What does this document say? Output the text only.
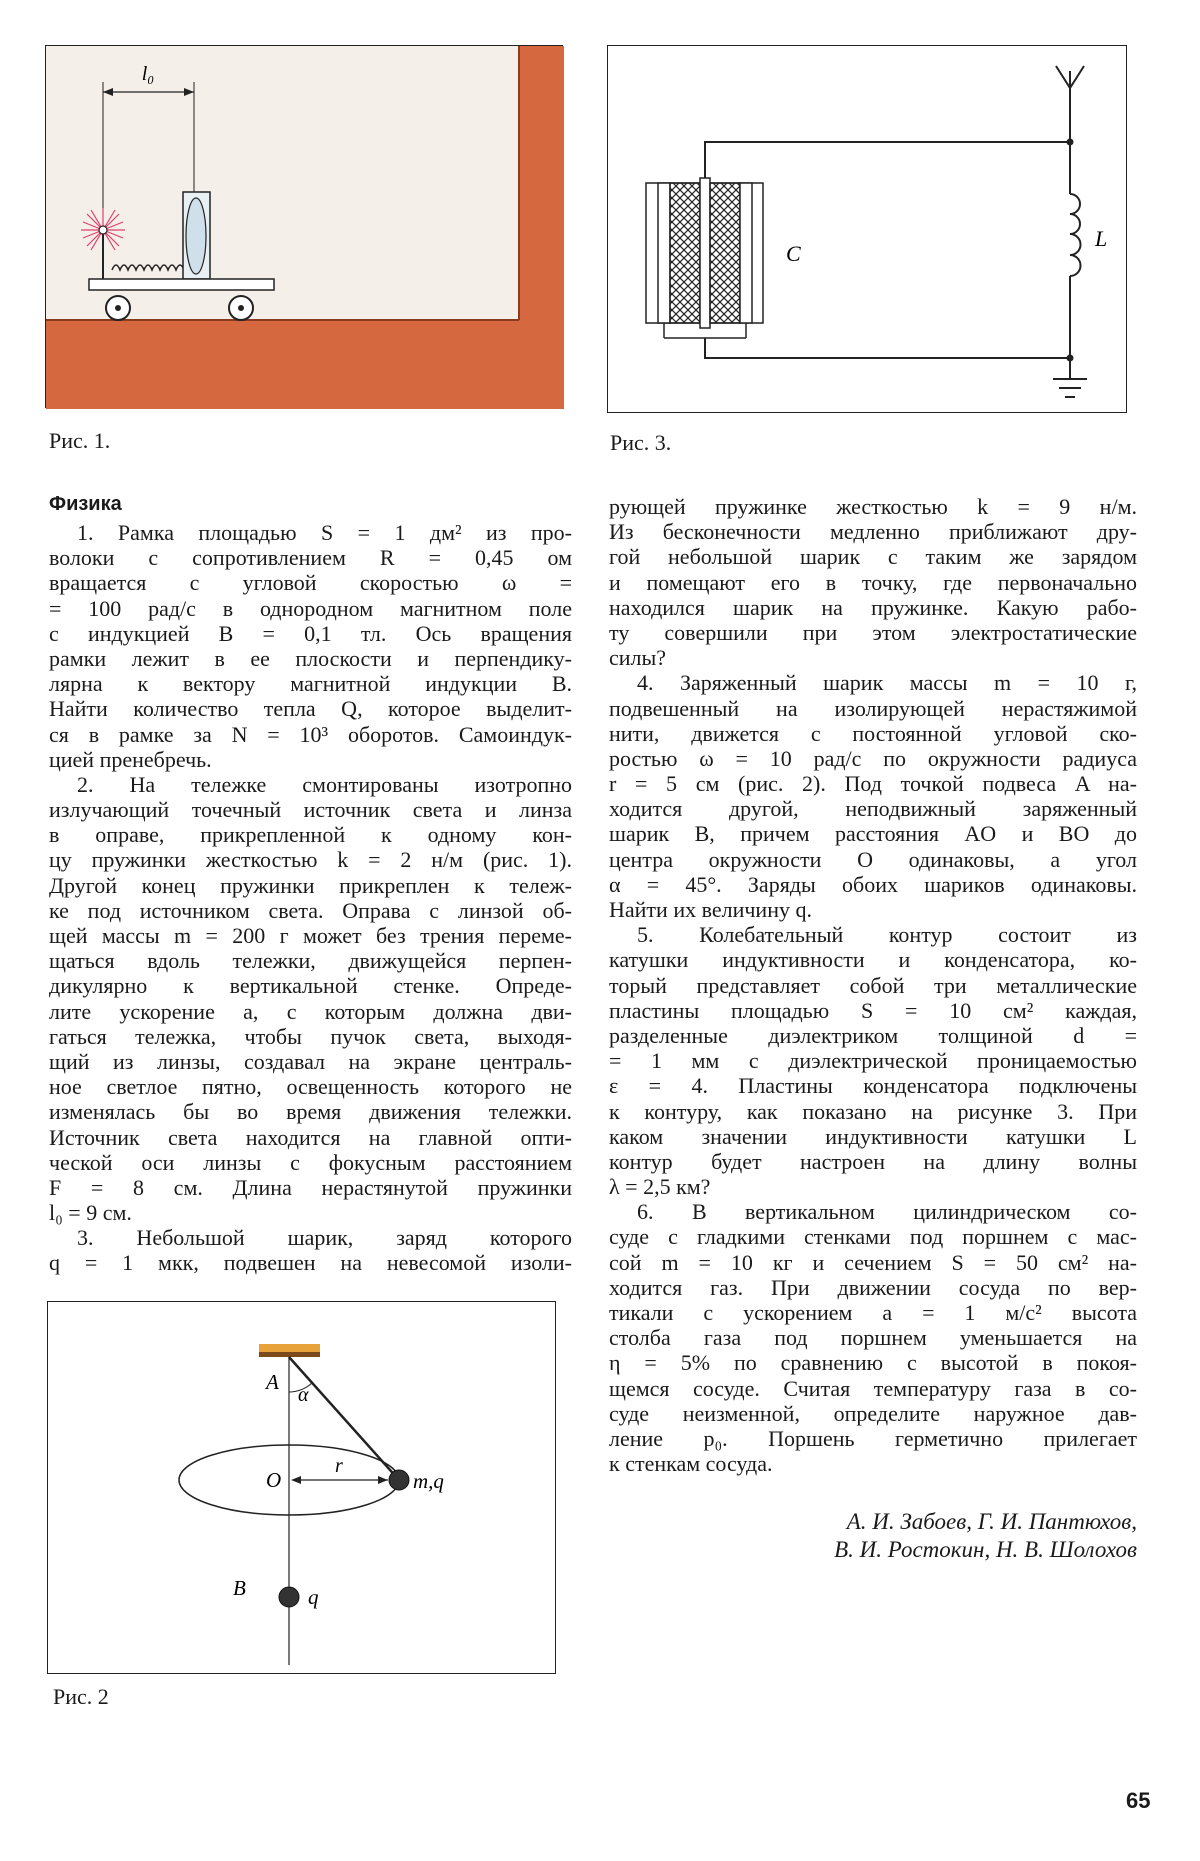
l₀
Рис. 1.
C
L
Рис. 3.
Физика
1. Рамка площадью S = 1 дм² из про-
волоки с сопротивлением R = 0,45 ом
вращается с угловой скоростью ω =
= 100 рад/с в однородном магнитном поле
с индукцией B = 0,1 тл. Ось вращения
рамки лежит в ее плоскости и перпендику-
лярна к вектору магнитной индукции B.
Найти количество тепла Q, которое выделит-
ся в рамке за N = 10³ оборотов. Самоиндук-
цией пренебречь.
2. На тележке смонтированы изотропно
излучающий точечный источник света и линза
в оправе, прикрепленной к одному кон-
цу пружинки жесткостью k = 2 н/м (рис. 1).
Другой конец пружинки прикреплен к тележ-
ке под источником света. Оправа с линзой об-
щей массы m = 200 г может без трения переме-
щаться вдоль тележки, движущейся перпен-
дикулярно к вертикальной стенке. Опреде-
лите ускорение a, с которым должна дви-
гаться тележка, чтобы пучок света, выходя-
щий из линзы, создавал на экране централь-
ное светлое пятно, освещенность которого не
изменялась бы во время движения тележки.
Источник света находится на главной опти-
ческой оси линзы с фокусным расстоянием
F = 8 см. Длина нерастянутой пружинки
l₀ = 9 см.
3. Небольшой шарик, заряд которого
q = 1 мкк, подвешен на невесомой изоли-
рующей пружинке жесткостью k = 9 н/м.
Из бесконечности медленно приближают дру-
гой небольшой шарик с таким же зарядом
и помещают его в точку, где первоначально
находился шарик на пружинке. Какую рабо-
ту совершили при этом электростатические
силы?
4. Заряженный шарик массы m = 10 г,
подвешенный на изолирующей нерастяжимой
нити, движется с постоянной угловой ско-
ростью ω = 10 рад/с по окружности радиуса
r = 5 см (рис. 2). Под точкой подвеса A на-
ходится другой, неподвижный заряженный
шарик B, причем расстояния AO и BO до
центра окружности O одинаковы, а угол
α = 45°. Заряды обоих шариков одинаковы.
Найти их величину q.
5. Колебательный контур состоит из
катушки индуктивности и конденсатора, ко-
торый представляет собой три металлические
пластины площадью S = 10 см² каждая,
разделенные диэлектриком толщиной d =
= 1 мм с диэлектрической проницаемостью
ε = 4. Пластины конденсатора подключены
к контуру, как показано на рисунке 3. При
каком значении индуктивности катушки L
контур будет настроен на длину волны
λ = 2,5 км?
6. В вертикальном цилиндрическом со-
суде с гладкими стенками под поршнем с мас-
сой m = 10 кг и сечением S = 50 см² на-
ходится газ. При движении сосуда по вер-
тикали с ускорением a = 1 м/с² высота
столба газа под поршнем уменьшается на
η = 5% по сравнению с высотой в покоя-
щемся сосуде. Считая температуру газа в со-
суде неизменной, определите наружное дав-
ление p₀. Поршень герметично прилегает
к стенкам сосуда.
А. И. Забоев, Г. И. Пантюхов,
В. И. Ростокин, Н. В. Шолохов
A
α
O
r
m,q
B	q
Рис. 2
65
